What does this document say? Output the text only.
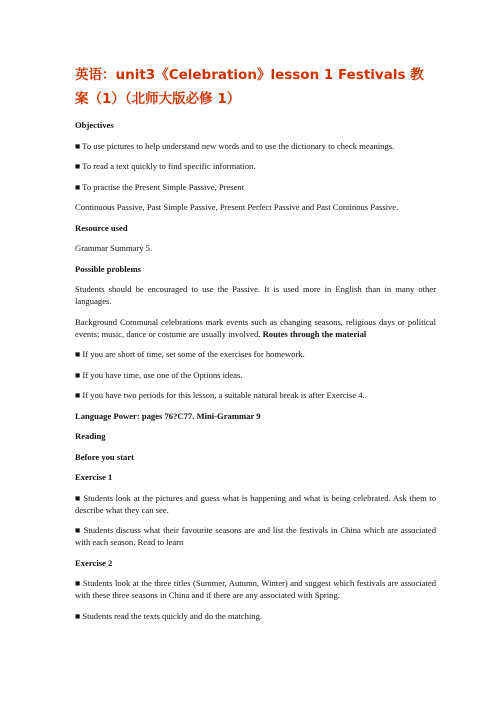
英语：unit3《Celebration》lesson 1 Festivals 教案（1）（北师大版必修 1）
Objectives
■ To use pictures to help understand new words and to use the dictionary to check meanings.
■ To read a text quickly to find specific information.
■ To practise the Present Simple Passive, Present
Continuous Passive, Past Simple Passive, Present Perfect Passive and Past Continous Passive.
Resource used
Grammar Summary 5.
Possible problems
Students should be encouraged to use the Passive. It is used more in English than in many other languages.
Background Communal celebrations mark events such as changing seasons, religious days or political events; music, dance or costume are usually involved. Routes through the material
■ If you are short of time, set some of the exercises for homework.
■ If you have time, use one of the Options ideas.
■ If you have two periods for this lesson, a suitable natural break is after Exercise 4.
Language Power: pages 76?C77. Mini-Grammar 9
Reading
Before you start
Exercise 1
■ Students look at the pictures and guess what is happening and what is being celebrated. Ask them to describe what they can see.
■ Students discuss what their favourite seasons are and list the festivals in China which are associated with each season. Read to learn
Exercise 2
■ Students look at the three titles (Summer, Autumn, Winter) and suggest which festivals are associated with these three seasons in China and if there are any associated with Spring.
■ Students read the texts quickly and do the matching.
